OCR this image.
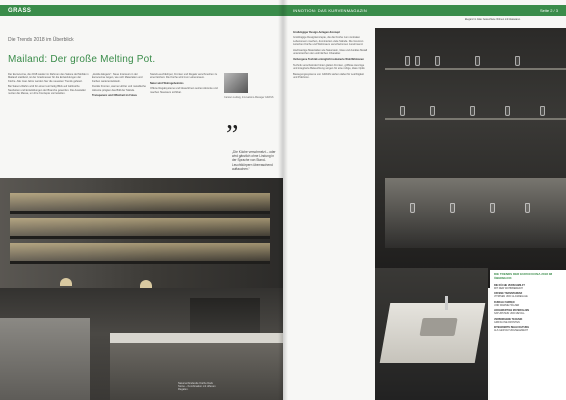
GRASS
Die Trends 2018 im Überblick
Mailand: Der große Melting Pot.

Der Eurocucina, die 2018 wieder im Rahmen des Salone del Mobile in Mailand stattfand, ist der Gradmesser für die Entwicklungen der Küche. Alle zwei Jahre werden hier die neuesten Trends gefeiert.

Bei Saison-Wahrs wird für einen kurzzeitig Blick auf zahlreiche Neuheiten und Entwicklungen der Branche geworfen. Die Aussteller nutzen die Messe, um ihre Konzepte vorzustellen.

„dunkle Eleganz“. Neue Interieurs in der Eurocucina zeigen, wie sich Materialien und Farben weiterentwickeln.

Dunkle Fronten, warme Hölzer und metallische Akzente prägten das Bild der Stände.

Transparenz und Offenheit im Fokus

Stand-Leuchtkörper, Fronten und Regale verschmelzen zu einer Einheit. Die Küche wird zum Lebensraum.

Natur wird Wohngeheimnis

Offene Regalsysteme und Glasvitrinen setzen Akzente und machen Stauraum sichtbar.

Carsten Ludwig, Innovations-Manager GRASS
„
„Die Küche verschmelzt – oder wird gänzlich ohne Lindung in der Sprache von Stand-Leuchtkörpern überraschend auftauchen.“
Naturverbindende Küche Dark Stone – Kombination mit offenen Regalen.
INNOTION: DAS KURVENMAGAZIN	Seite 2 / 3

Großzügiger Design-Anlagen-Konzept

Großzügige Designkonzepte, die die Küche zum zentralen Lebensraum machen, dominierten viele Stände. Die Grenzen zwischen Küche und Wohnraum verschwimmen zunehmend.

Hochwertige Materialien wie Naturstein, Glas und dunkles Metall unterstreichen den wohnlichen Charakter.

Verborgene Technik ermöglicht reduzierte Wohlfühlzonen

Technik verschwindet hinter glatten Fronten, grifflose Auszüge und integrierte Beleuchtung sorgen für eine ruhige, klare Optik.

Bewegungssysteme von GRASS stehen dabei für Leichtigkeit und Präzision.

Eleganz in Glas: beleuchtete Vitrinen mit Glaswaren.
DIE TRENDS DER EUROCUCINA 2018 IM ÜBERBLICK
DIE KÜCHE VERSCHMILZT
MIT DEM WOHNBEREICH
OFFENE TRANSPARENZ
VITRINEN UND GLASREGALE
DUNKLE FARBEN
UND WARME HÖLZER
HOCHWERTIGE MATERIALIEN
NATURSTEIN UND METALL
VERBORGENE TECHNIK
GRIFFLOSE FRONTEN
INTEGRIERTE BELEUCHTUNG
ALS GESTALTUNGSELEMENT
